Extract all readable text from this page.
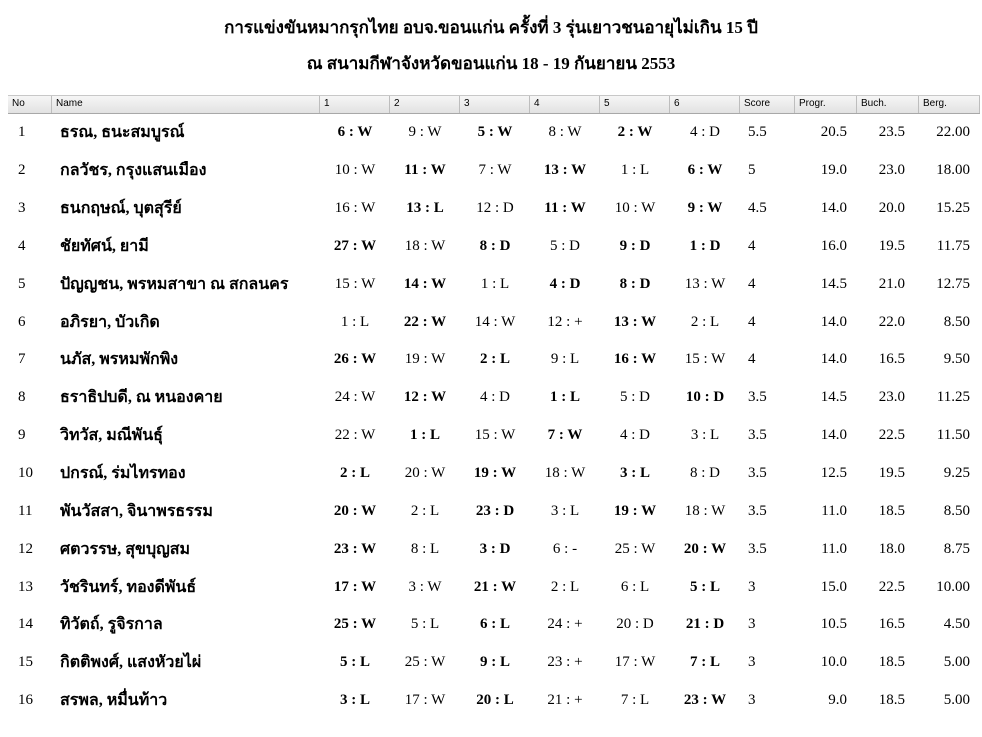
การแข่งขันหมากรุกไทย อบจ.ขอนแก่น ครั้งที่ 3 รุ่นเยาวชนอายุไม่เกิน 15 ปี
ณ สนามกีฬาจังหวัดขอนแก่น 18 - 19 กันยายน 2553
No	Name	1	2	3	4	5	6	Score	Progr.	Buch.	Berg.
1	ธรณ, ธนะสมบูรณ์	6 : W	9 : W	5 : W	8 : W	2 : W	4 : D	5.5	20.5	23.5	22.00
2	กลวัชร, กรุงแสนเมือง	10 : W	11 : W	7 : W	13 : W	1 : L	6 : W	5	19.0	23.0	18.00
3	ธนกฤษณ์, บุตสุรีย์	16 : W	13 : L	12 : D	11 : W	10 : W	9 : W	4.5	14.0	20.0	15.25
4	ชัยทัศน์, ยามี	27 : W	18 : W	8 : D	5 : D	9 : D	1 : D	4	16.0	19.5	11.75
5	ปัญญชน, พรหมสาขา ณ สกลนคร	15 : W	14 : W	1 : L	4 : D	8 : D	13 : W	4	14.5	21.0	12.75
6	อภิรยา, บัวเกิด	1 : L	22 : W	14 : W	12 : +	13 : W	2 : L	4	14.0	22.0	8.50
7	นภัส, พรหมพักพิง	26 : W	19 : W	2 : L	9 : L	16 : W	15 : W	4	14.0	16.5	9.50
8	ธราธิปบดี, ณ หนองคาย	24 : W	12 : W	4 : D	1 : L	5 : D	10 : D	3.5	14.5	23.0	11.25
9	วิทวัส, มณีพันธุ์	22 : W	1 : L	15 : W	7 : W	4 : D	3 : L	3.5	14.0	22.5	11.50
10	ปกรณ์, ร่มไทรทอง	2 : L	20 : W	19 : W	18 : W	3 : L	8 : D	3.5	12.5	19.5	9.25
11	พันวัสสา, จินาพรธรรม	20 : W	2 : L	23 : D	3 : L	19 : W	18 : W	3.5	11.0	18.5	8.50
12	ศตวรรษ, สุขบุญสม	23 : W	8 : L	3 : D	6 : -	25 : W	20 : W	3.5	11.0	18.0	8.75
13	วัชรินทร์, ทองดีพันธ์	17 : W	3 : W	21 : W	2 : L	6 : L	5 : L	3	15.0	22.5	10.00
14	ทิวัตถ์, รูจิรกาล	25 : W	5 : L	6 : L	24 : +	20 : D	21 : D	3	10.5	16.5	4.50
15	กิตติพงศ์, แสงหัวยไผ่	5 : L	25 : W	9 : L	23 : +	17 : W	7 : L	3	10.0	18.5	5.00
16	สรพล, หมื่นท้าว	3 : L	17 : W	20 : L	21 : +	7 : L	23 : W	3	9.0	18.5	5.00
